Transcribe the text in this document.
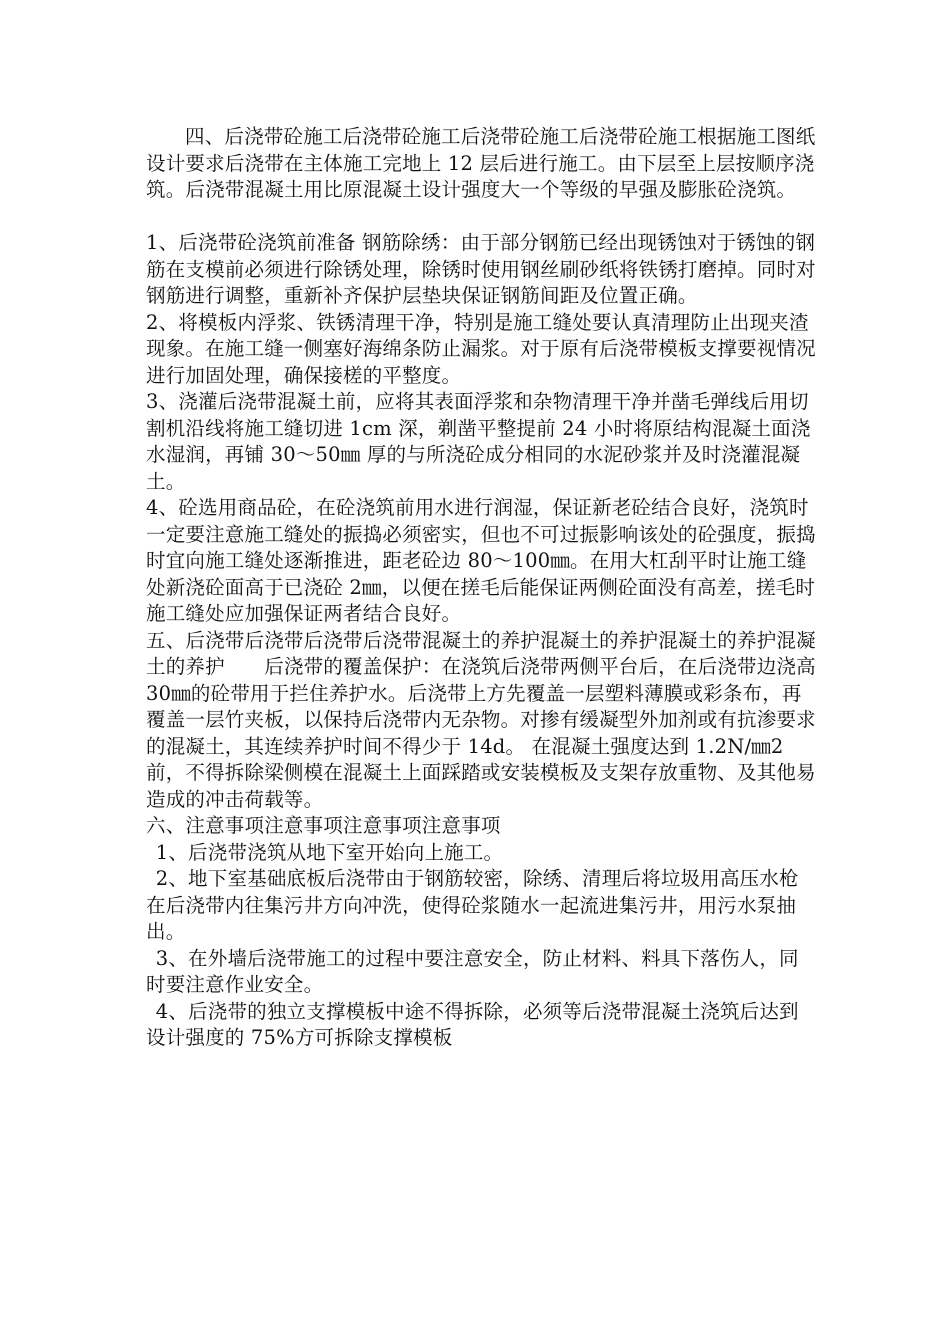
四、后浇带砼施工后浇带砼施工后浇带砼施工后浇带砼施工根据施工图纸设计要求后浇带在主体施工完地上 12 层后进行施工。由下层至上层按顺序浇筑。后浇带混凝土用比原混凝土设计强度大一个等级的早强及膨胀砼浇筑。

1、后浇带砼浇筑前准备 钢筋除绣：由于部分钢筋已经出现锈蚀对于锈蚀的钢筋在支模前必须进行除锈处理，除锈时使用钢丝刷砂纸将铁锈打磨掉。同时对钢筋进行调整，重新补齐保护层垫块保证钢筋间距及位置正确。

2、将模板内浮浆、铁锈清理干净，特别是施工缝处要认真清理防止出现夹渣现象。在施工缝一侧塞好海绵条防止漏浆。对于原有后浇带模板支撑要视情况进行加固处理，确保接槎的平整度。

3、浇灌后浇带混凝土前，应将其表面浮浆和杂物清理干净并凿毛弹线后用切割机沿线将施工缝切进 1cm 深，剃凿平整提前 24 小时将原结构混凝土面浇水湿润，再铺 30～50㎜ 厚的与所浇砼成分相同的水泥砂浆并及时浇灌混凝土。

4、砼选用商品砼，在砼浇筑前用水进行润湿，保证新老砼结合良好，浇筑时一定要注意施工缝处的振捣必须密实，但也不可过振影响该处的砼强度，振捣时宜向施工缝处逐渐推进，距老砼边 80～100㎜。在用大杠刮平时让施工缝处新浇砼面高于已浇砼 2㎜，以便在搓毛后能保证两侧砼面没有高差，搓毛时施工缝处应加强保证两者结合良好。

五、后浇带后浇带后浇带后浇带混凝土的养护混凝土的养护混凝土的养护混凝土的养护　　后浇带的覆盖保护：在浇筑后浇带两侧平台后，在后浇带边浇高 30㎜的砼带用于拦住养护水。后浇带上方先覆盖一层塑料薄膜或彩条布，再覆盖一层竹夹板，以保持后浇带内无杂物。对掺有缓凝型外加剂或有抗渗要求的混凝土，其连续养护时间不得少于 14d。 在混凝土强度达到 1.2N/㎜2 前，不得拆除梁侧模在混凝土上面踩踏或安装模板及支架存放重物、及其他易造成的冲击荷载等。

六、注意事项注意事项注意事项注意事项

1、后浇带浇筑从地下室开始向上施工。

2、地下室基础底板后浇带由于钢筋较密，除绣、清理后将垃圾用高压水枪在后浇带内往集污井方向冲洗，使得砼浆随水一起流进集污井，用污水泵抽出。

3、在外墙后浇带施工的过程中要注意安全，防止材料、料具下落伤人，同时要注意作业安全。

4、后浇带的独立支撑模板中途不得拆除，必须等后浇带混凝土浇筑后达到设计强度的 75%方可拆除支撑模板
